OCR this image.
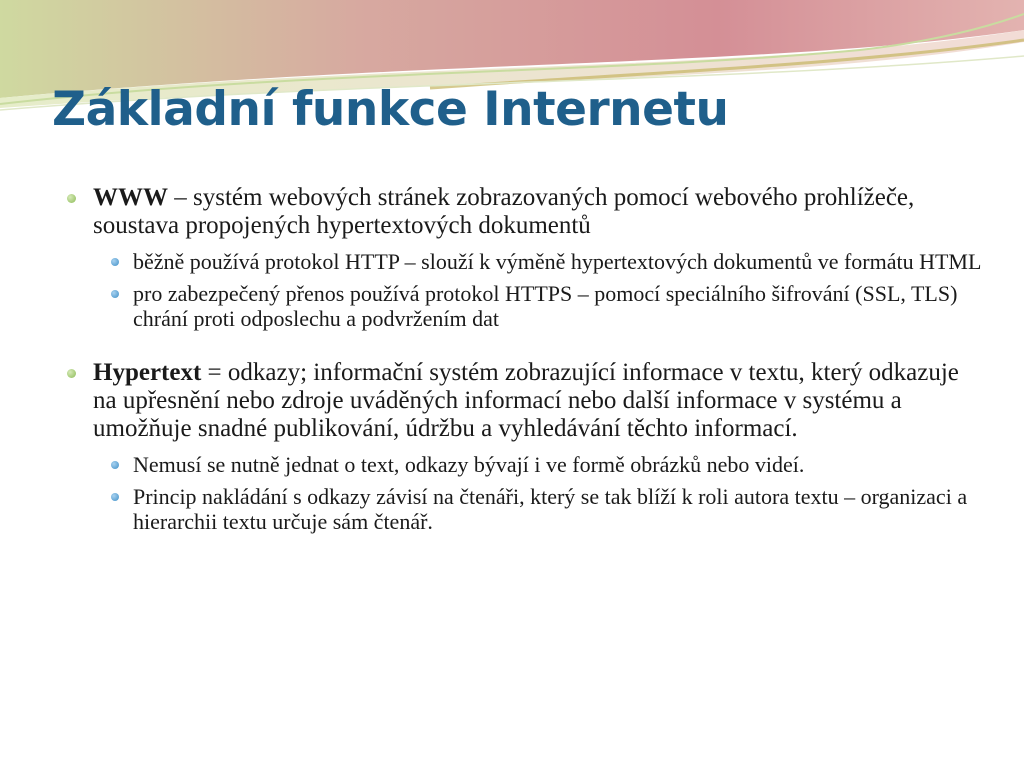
Základní funkce Internetu
WWW – systém webových stránek zobrazovaných pomocí webového prohlížeče, soustava propojených hypertextových dokumentů
běžně používá protokol HTTP – slouží k výměně hypertextových dokumentů ve formátu HTML
pro zabezpečený přenos používá protokol HTTPS – pomocí speciálního šifrování (SSL, TLS) chrání proti odposlechu a podvržením dat
Hypertext = odkazy; informační systém zobrazující informace v textu, který odkazuje na upřesnění nebo zdroje uváděných informací nebo další informace v systému a umožňuje snadné publikování, údržbu a vyhledávání těchto informací.
Nemusí se nutně jednat o text, odkazy bývají i ve formě obrázků nebo videí.
Princip nakládání s odkazy závisí na čtenáři, který se tak blíží k roli autora textu – organizaci a hierarchii textu určuje sám čtenář.
